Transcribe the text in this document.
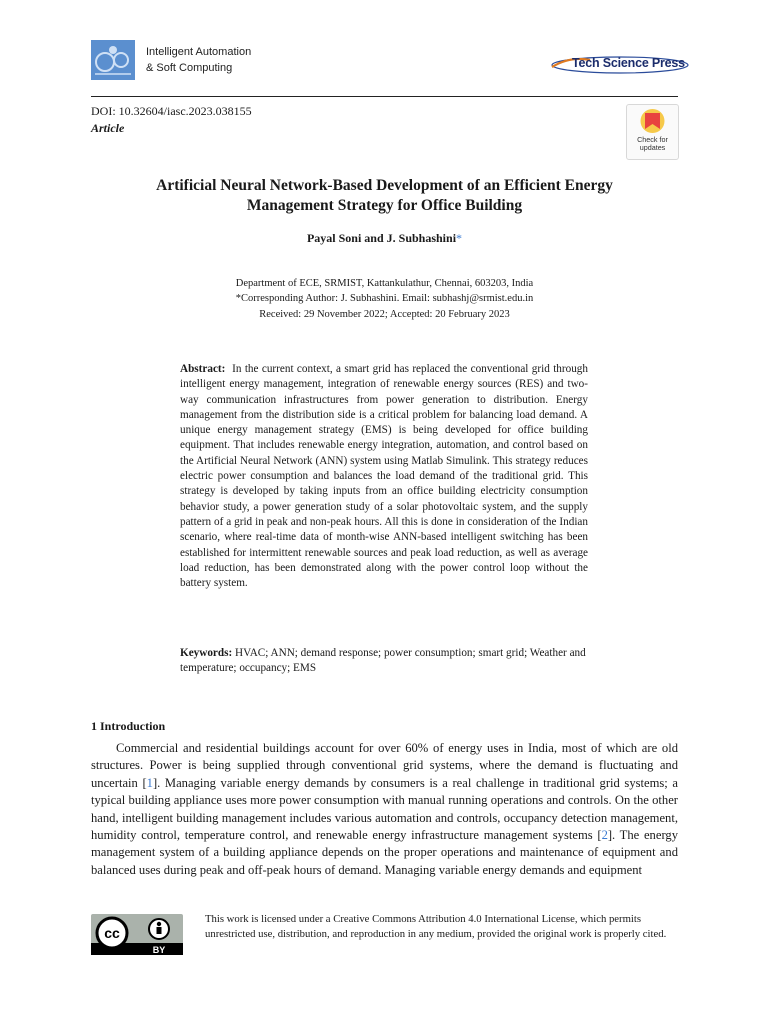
Intelligent Automation
& Soft Computing	Tech Science Press
DOI: 10.32604/iasc.2023.038155
Article
Check for
updates
Artificial Neural Network-Based Development of an Efficient Energy
Management Strategy for Office Building
Payal Soni and J. Subhashini*
Department of ECE, SRMIST, Kattankulathur, Chennai, 603203, India
*Corresponding Author: J. Subhashini. Email: subhashj@srmist.edu.in
Received: 29 November 2022; Accepted: 20 February 2023
Abstract: In the current context, a smart grid has replaced the conventional grid through intelligent energy management, integration of renewable energy sources (RES) and two-way communication infrastructures from power generation to distribution. Energy management from the distribution side is a critical problem for balancing load demand. A unique energy management strategy (EMS) is being developed for office building equipment. That includes renewable energy integration, automation, and control based on the Artificial Neural Network (ANN) system using Matlab Simulink. This strategy reduces electric power consumption and balances the load demand of the traditional grid. This strategy is developed by taking inputs from an office building electricity consumption behavior study, a power generation study of a solar photovoltaic system, and the supply pattern of a grid in peak and non-peak hours. All this is done in consideration of the Indian scenario, where real-time data of month-wise ANN-based intelligent switching has been established for intermittent renewable sources and peak load reduction, as well as average load reduction, has been demonstrated along with the power control loop without the battery system.
Keywords: HVAC; ANN; demand response; power consumption; smart grid; Weather and temperature; occupancy; EMS
1 Introduction
Commercial and residential buildings account for over 60% of energy uses in India, most of which are old structures. Power is being supplied through conventional grid systems, where the demand is fluctuating and uncertain [1]. Managing variable energy demands by consumers is a real challenge in traditional grid systems; a typical building appliance uses more power consumption with manual running operations and controls. On the other hand, intelligent building management includes various automation and controls, occupancy detection management, humidity control, temperature control, and renewable energy infrastructure management systems [2]. The energy management system of a building appliance depends on the proper operations and maintenance of equipment and balanced uses during peak and off-peak hours of demand. Managing variable energy demands and equipment
cc
BY
This work is licensed under a Creative Commons Attribution 4.0 International License, which permits unrestricted use, distribution, and reproduction in any medium, provided the original work is properly cited.
